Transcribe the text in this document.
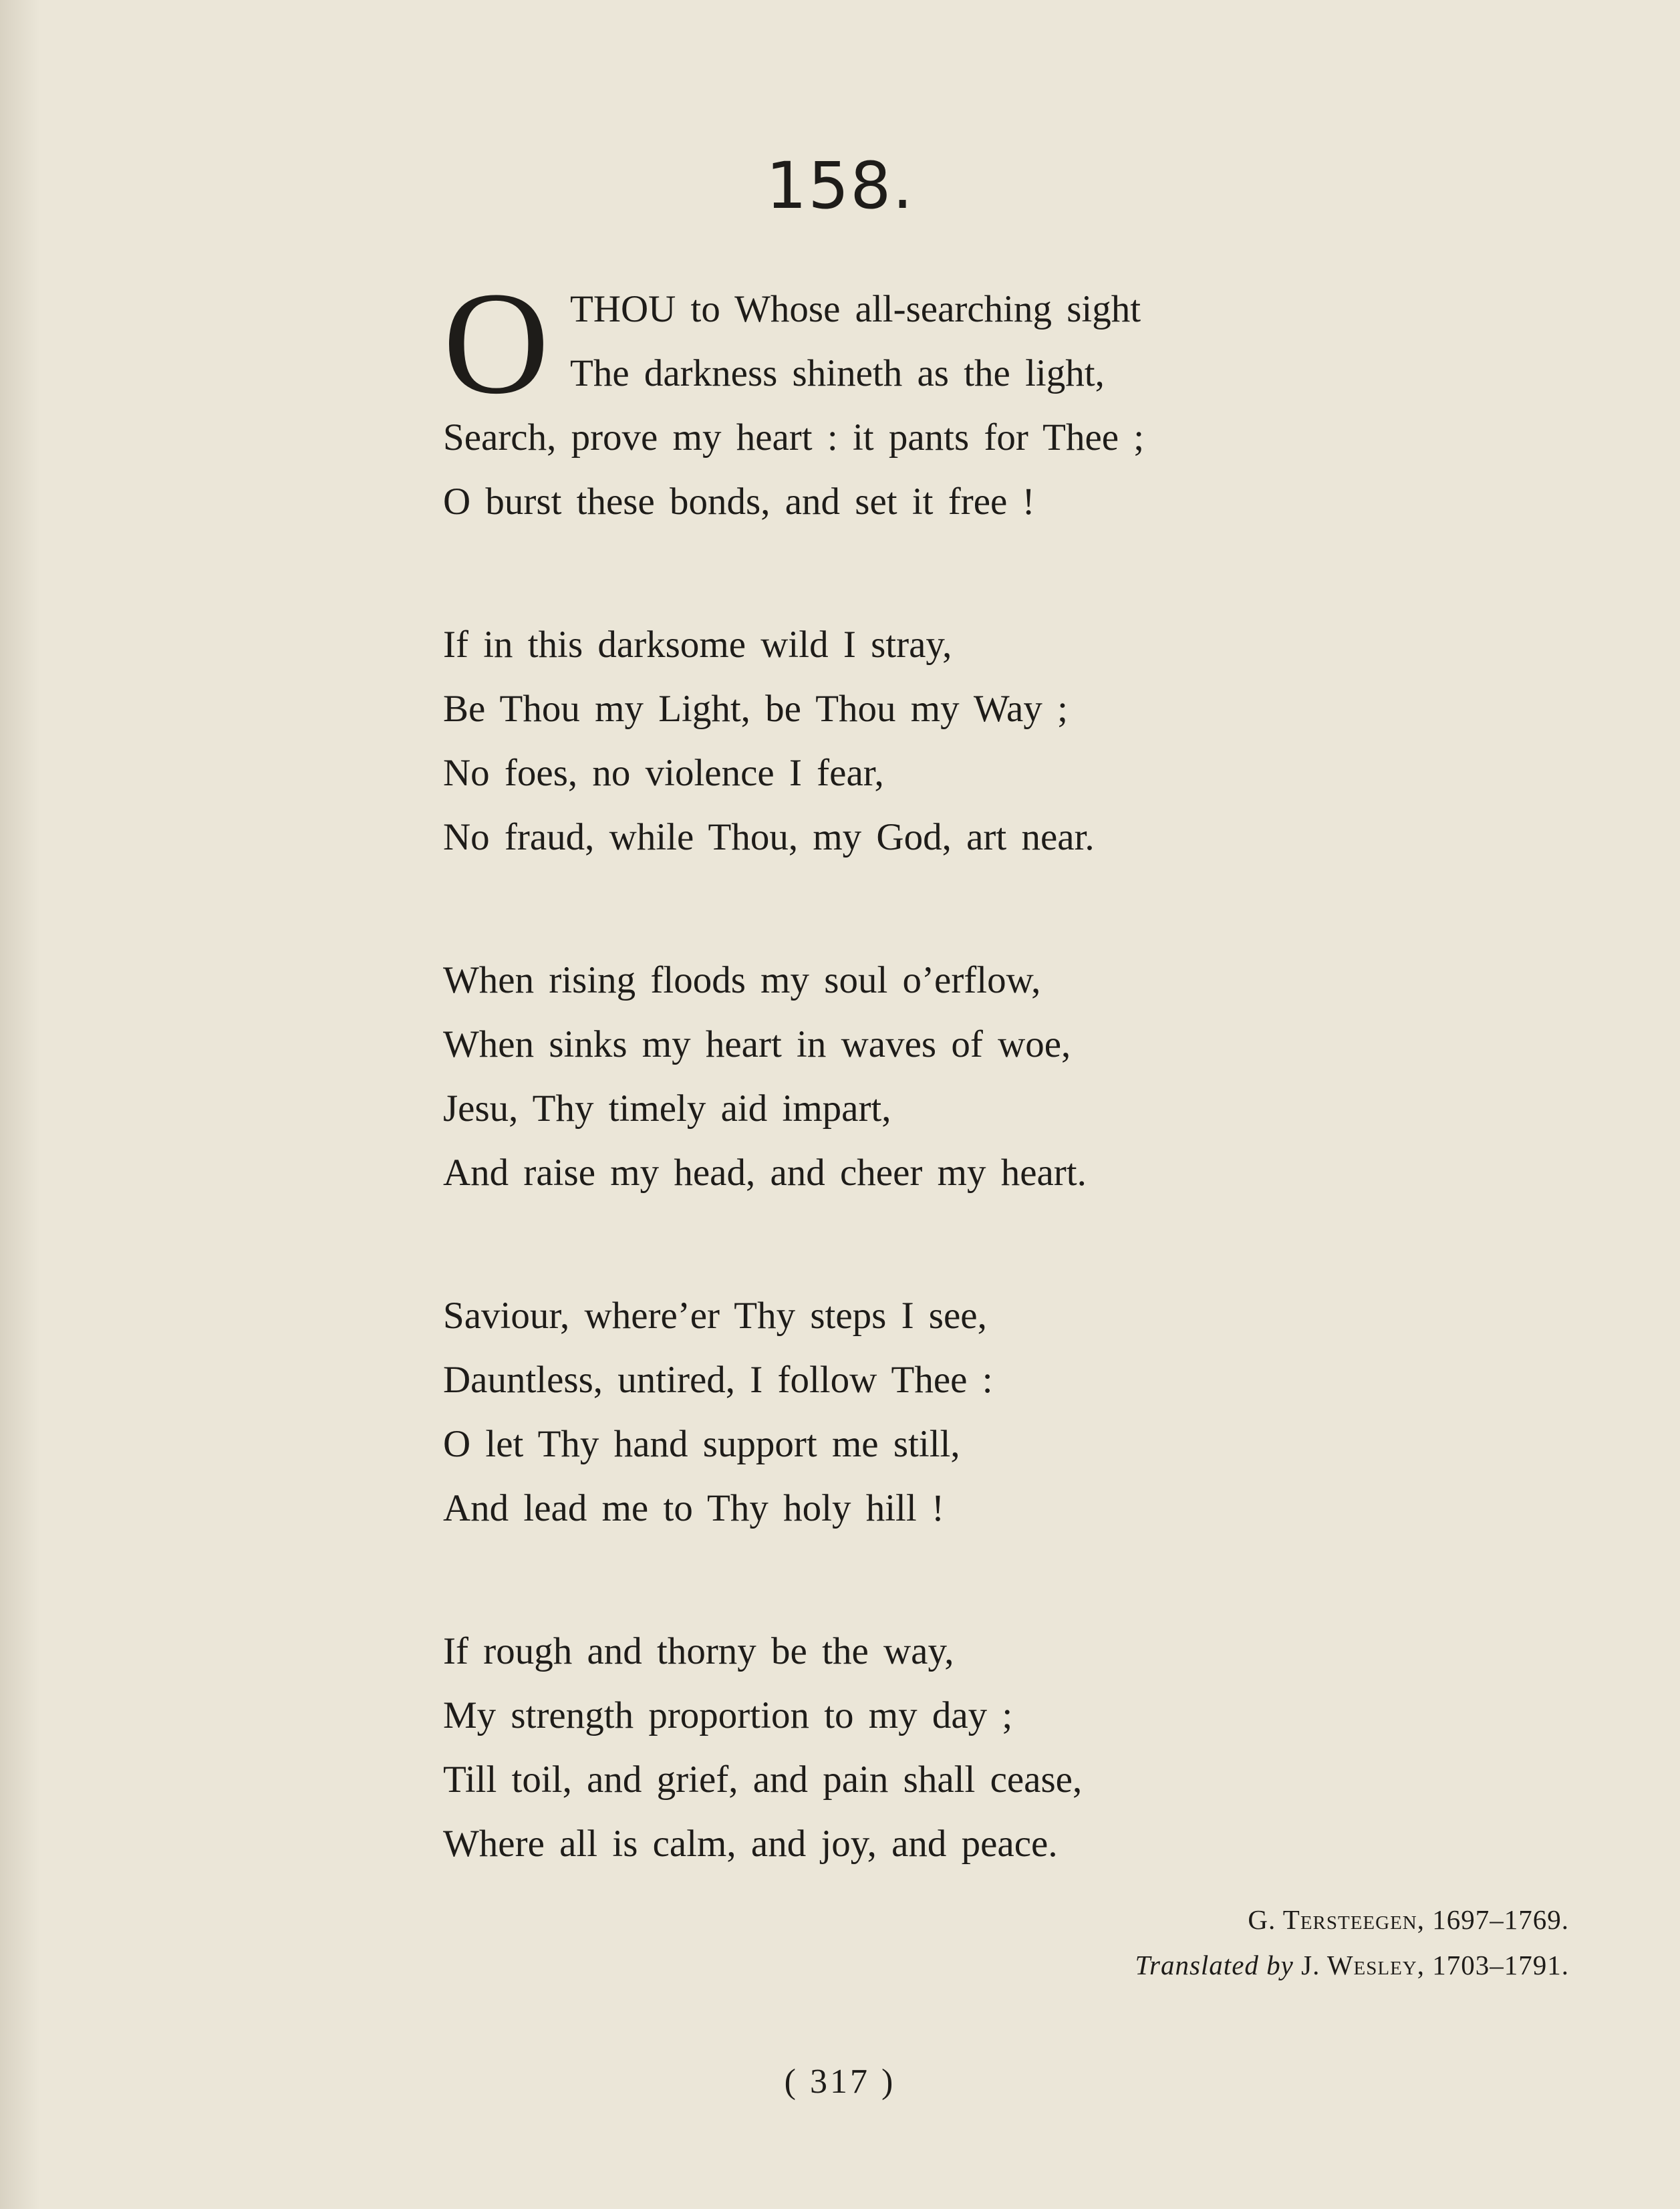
158.
O THOU to Whose all-searching sight
The darkness shineth as the light,
Search, prove my heart : it pants for Thee ;
O burst these bonds, and set it free !
If in this darksome wild I stray,
Be Thou my Light, be Thou my Way ;
No foes, no violence I fear,
No fraud, while Thou, my God, art near.
When rising floods my soul o’erflow,
When sinks my heart in waves of woe,
Jesu, Thy timely aid impart,
And raise my head, and cheer my heart.
Saviour, where’er Thy steps I see,
Dauntless, untired, I follow Thee :
O let Thy hand support me still,
And lead me to Thy holy hill !
If rough and thorny be the way,
My strength proportion to my day ;
Till toil, and grief, and pain shall cease,
Where all is calm, and joy, and peace.
G. Tersteegen, 1697–1769.
Translated by J. Wesley, 1703–1791.
( 317 )
